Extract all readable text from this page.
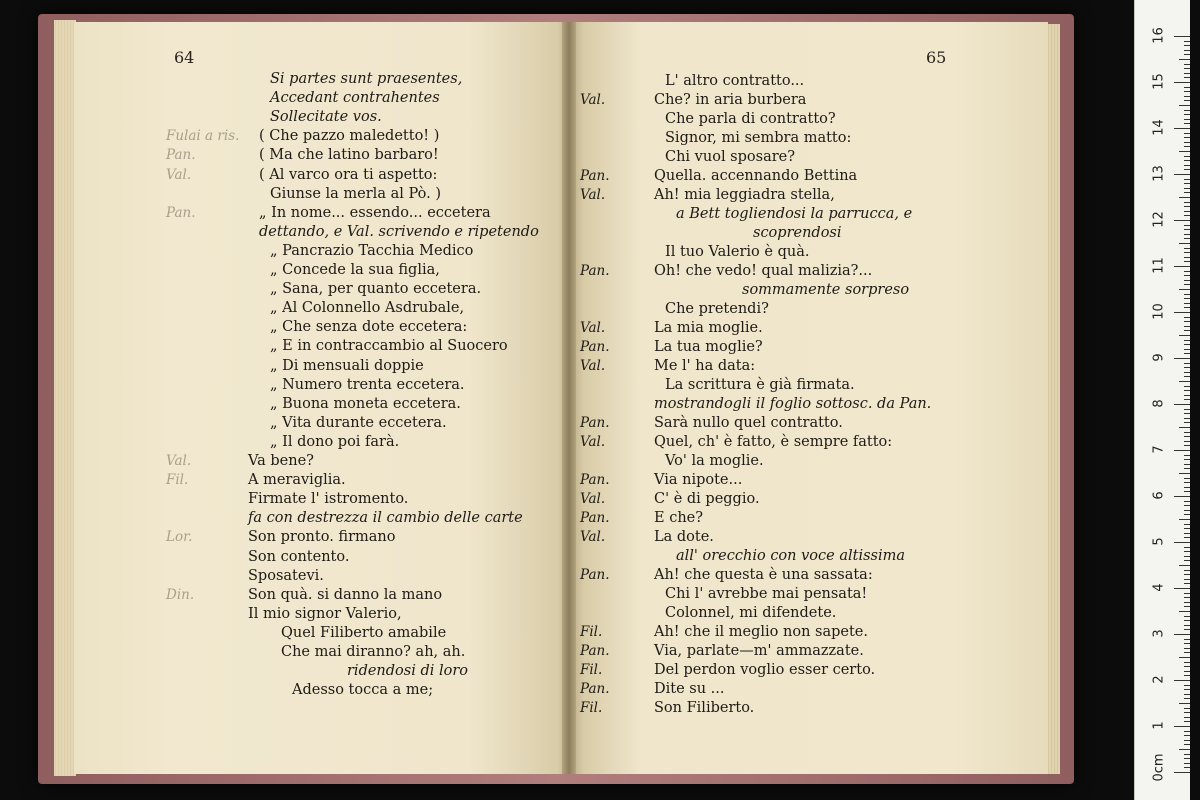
64
Si partes sunt praesentes,
Accedant contrahentes
Sollecitate vos.
Fulai a ris. ( Che pazzo maledetto! )
Pan.	( Ma che latino barbaro!
Val.	( Al varco ora ti aspetto:
Giunse la merla al Pò. )
Pan.	„ In nome... essendo... eccetera
dettando, e Val. scrivendo e ripetendo
„ Pancrazio Tacchia Medico
„ Concede la sua figlia,
„ Sana, per quanto eccetera.
„ Al Colonnello Asdrubale,
„ Che senza dote eccetera:
„ E in contraccambio al Suocero
„ Di mensuali doppie
„ Numero trenta eccetera.
„ Buona moneta eccetera.
„ Vita durante eccetera.
„ Il dono poi farà.
Val.	Va bene?
Fil.	A meraviglia.
Firmate l' istromento.
fa con destrezza il cambio delle carte
Lor.	Son pronto. firmano
Son contento.
Sposatevi.
Din.	Son quà. si danno la mano
Il mio signor Valerio,
Quel Filiberto amabile
Che mai diranno? ah, ah.
ridendosi di loro
Adesso tocca a me;
65
L' altro contratto...
Val.	Che? in aria burbera
Che parla di contratto?
Signor, mi sembra matto:
Chi vuol sposare?
Pan.	Quella. accennando Bettina
Val.	Ah! mia leggiadra stella,
a Bett togliendosi la parrucca, e
scoprendosi
Il tuo Valerio è quà.
Pan.	Oh! che vedo! qual malizia?...
sommamente sorpreso
Che pretendi?
Val.	La mia moglie.
Pan.	La tua moglie?
Val.	Me l' ha data:
La scrittura è già firmata.
mostrandogli il foglio sottosc. da Pan.
Pan.	Sarà nullo quel contratto.
Val.	Quel, ch' è fatto, è sempre fatto:
Vo' la moglie.
Pan.	Via nipote...
Val.	C' è di peggio.
Pan.	E che?
Val.	La dote.
all' orecchio con voce altissima
Pan.	Ah! che questa è una sassata:
Chi l' avrebbe mai pensata!
Colonnel, mi difendete.
Fil.	Ah! che il meglio non sapete.
Pan.	Via, parlate—m' ammazzate.
Fil.	Del perdon voglio esser certo.
Pan.	Dite su ...
Fil.	Son Filiberto.
16
15
14
13
12
11
10
9
8
7
6
5
4
3
2
1
0cm
